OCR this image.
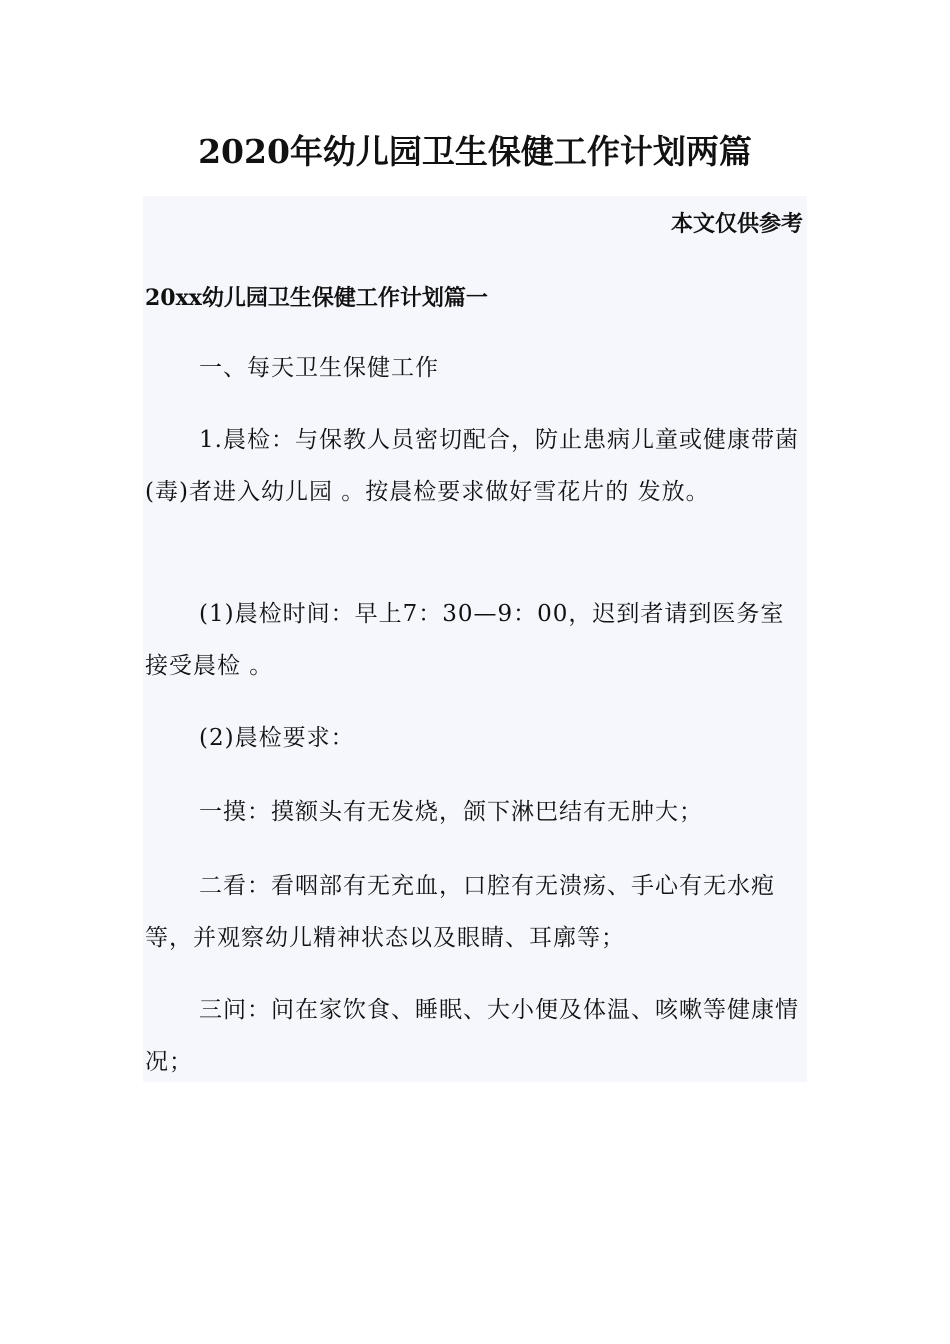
2020年幼儿园卫生保健工作计划两篇
本文仅供参考
20xx幼儿园卫生保健工作计划篇一

一、每天卫生保健工作

1.晨检：与保教人员密切配合，防止患病儿童或健康带菌(毒)者进入幼儿园 。按晨检要求做好雪花片的 发放。

(1)晨检时间：早上7：30—9：00，迟到者请到医务室接受晨检 。

(2)晨检要求：

一摸：摸额头有无发烧，颌下淋巴结有无肿大；

二看：看咽部有无充血，口腔有无溃疡、手心有无水疱等，并观察幼儿精神状态以及眼睛、耳廓等；

三问：问在家饮食、睡眠、大小便及体温、咳嗽等健康情况；
